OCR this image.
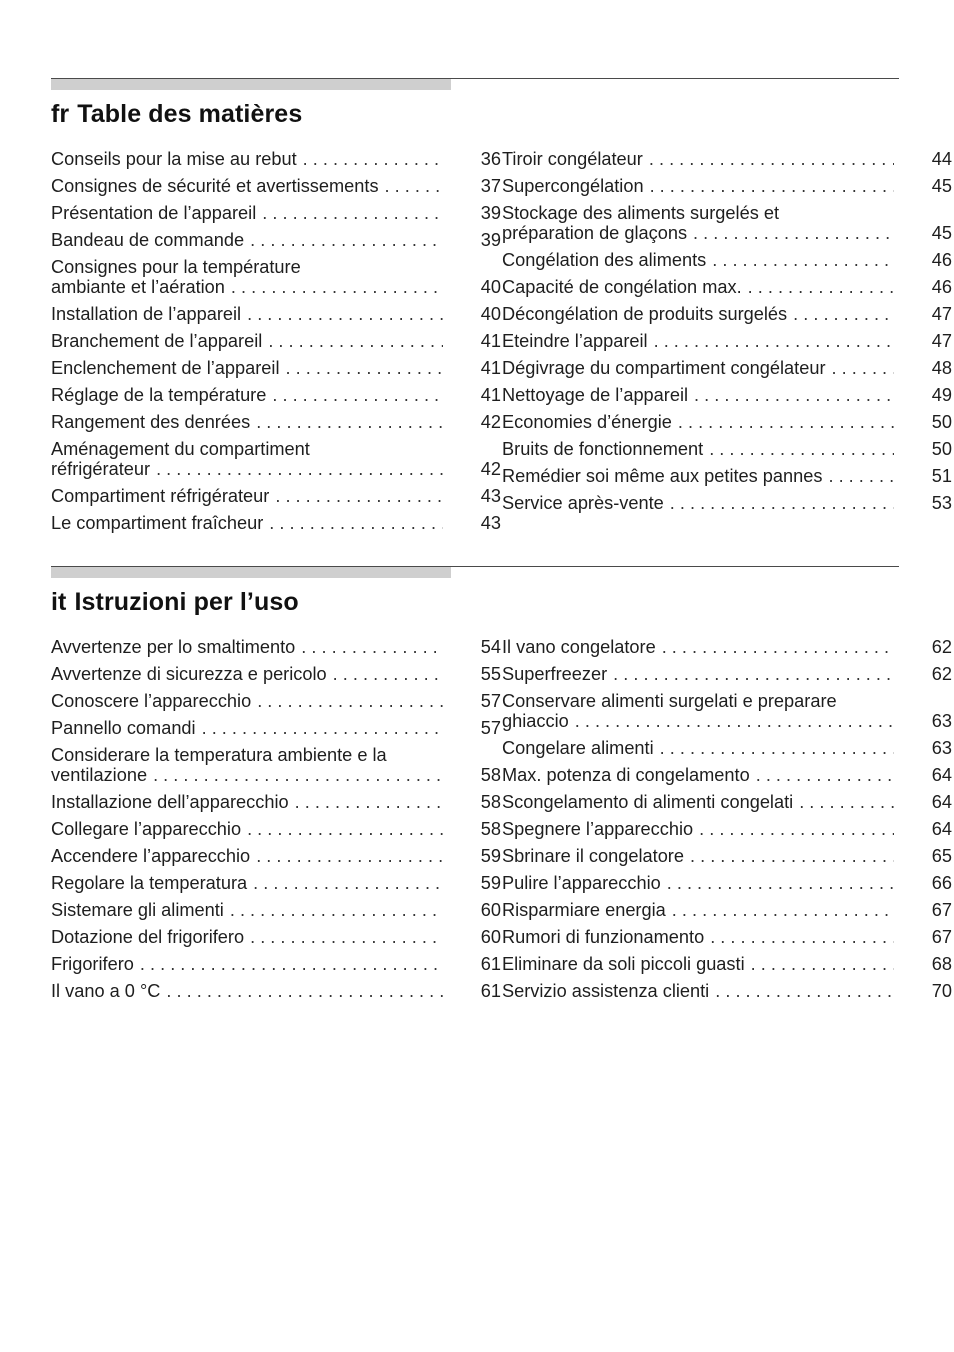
fr Table des matières
Conseils pour la mise au rebut . . .	36
Consignes de sécurité et avertissements . . .	37
Présentation de l’appareil . . .	39
Bandeau de commande . . .	39
Consignes pour la température
ambiante et l’aération . . .	40
Installation de l’appareil . . .	40
Branchement de l’appareil . . .	41
Enclenchement de l’appareil . . .	41
Réglage de la température . . .	41
Rangement des denrées . . .	42
Aménagement du compartiment
réfrigérateur . . .	42
Compartiment réfrigérateur . . .	43
Le compartiment fraîcheur . . .	43
Tiroir congélateur . . .	44
Supercongélation . . .	45
Stockage des aliments surgelés et
préparation de glaçons . . .	45
Congélation des aliments . . .	46
Capacité de congélation max. . . .	46
Décongélation de produits surgelés . . .	47
Eteindre l’appareil . . .	47
Dégivrage du compartiment congélateur . . .	48
Nettoyage de l’appareil . . .	49
Economies d’énergie . . .	50
Bruits de fonctionnement . . .	50
Remédier soi même aux petites pannes . . .	51
Service après-vente . . .	53
it Istruzioni per l’uso
Avvertenze per lo smaltimento . . .	54
Avvertenze di sicurezza e pericolo . . .	55
Conoscere l’apparecchio . . .	57
Pannello comandi . . .	57
Considerare la temperatura ambiente e la
ventilazione . . .	58
Installazione dell’apparecchio . . .	58
Collegare l’apparecchio . . .	58
Accendere l’apparecchio . . .	59
Regolare la temperatura . . .	59
Sistemare gli alimenti . . .	60
Dotazione del frigorifero . . .	60
Frigorifero . . .	61
Il vano a 0 °C . . .	61
Il vano congelatore . . .	62
Superfreezer . . .	62
Conservare alimenti surgelati e preparare
ghiaccio . . .	63
Congelare alimenti . . .	63
Max. potenza di congelamento . . .	64
Scongelamento di alimenti congelati . . .	64
Spegnere l’apparecchio . . .	64
Sbrinare il congelatore . . .	65
Pulire l’apparecchio . . .	66
Risparmiare energia . . .	67
Rumori di funzionamento . . .	67
Eliminare da soli piccoli guasti . . .	68
Servizio assistenza clienti . . .	70
